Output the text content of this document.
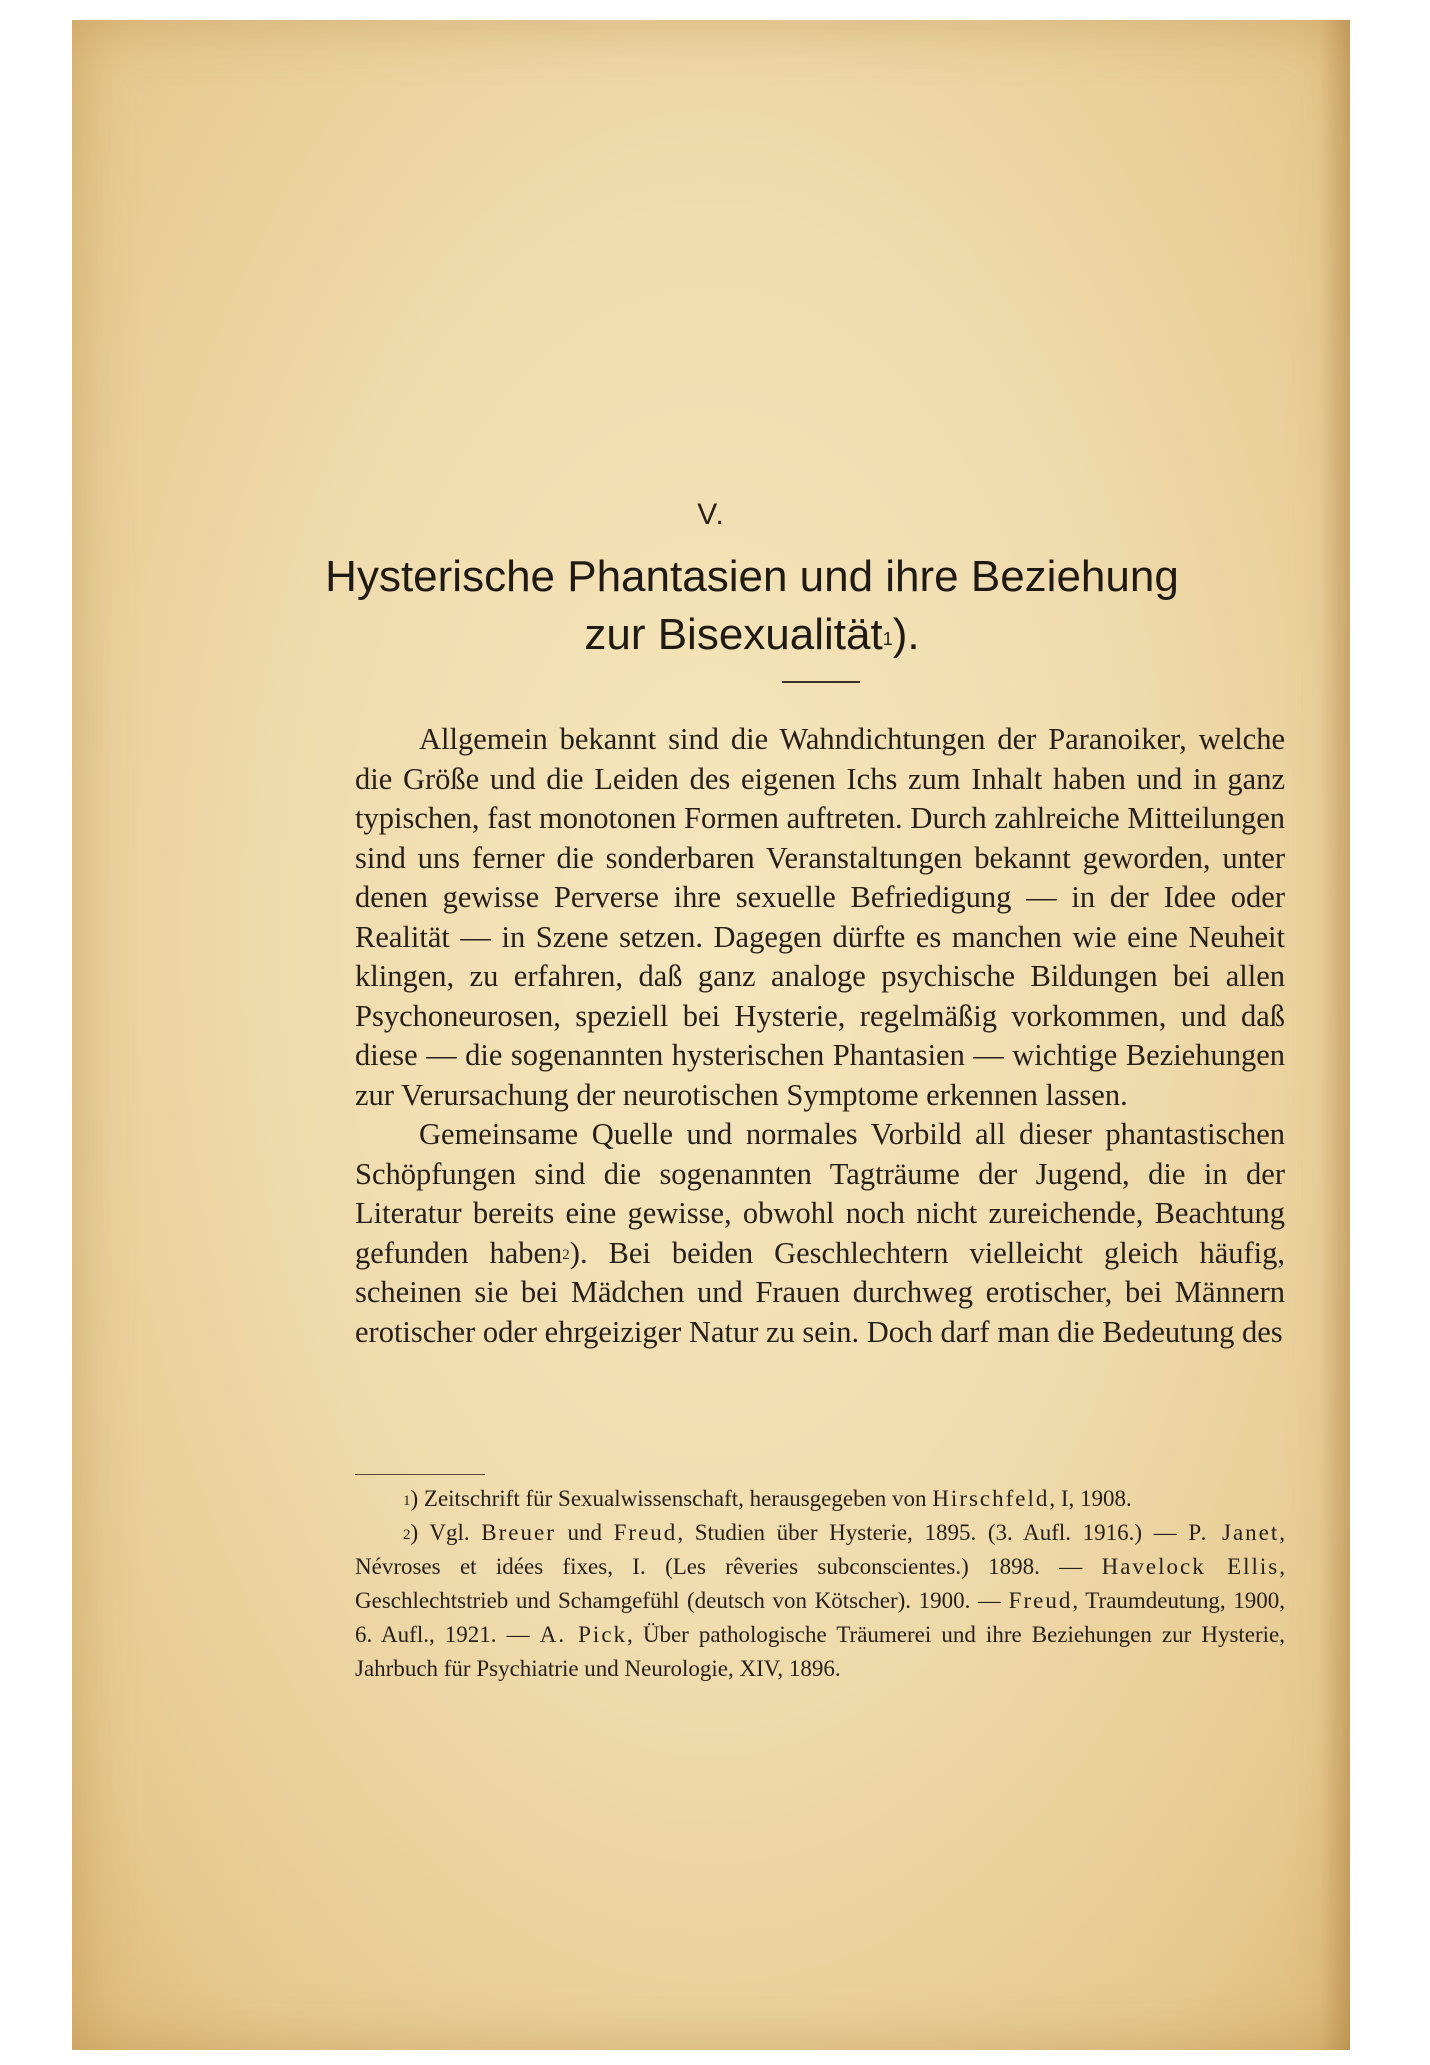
V.
Hysterische Phantasien und ihre Beziehung
zur Bisexualität$^1$).

Allgemein bekannt sind die Wahndichtungen der Paranoiker, welche die Größe und die Leiden des eigenen Ichs zum Inhalt haben und in ganz typischen, fast monotonen Formen auftreten. Durch zahlreiche Mitteilungen sind uns ferner die sonderbaren Veranstaltungen bekannt geworden, unter denen gewisse Perverse ihre sexuelle Befriedigung — in der Idee oder Realität — in Szene setzen. Dagegen dürfte es manchen wie eine Neuheit klingen, zu erfahren, daß ganz analoge psychische Bildungen bei allen Psychoneurosen, speziell bei Hysterie, regelmäßig vorkommen, und daß diese — die sogenannten hysterischen Phantasien — wichtige Beziehungen zur Verursachung der neurotischen Symptome erkennen lassen.

Gemeinsame Quelle und normales Vorbild all dieser phantastischen Schöpfungen sind die sogenannten Tagträume der Jugend, die in der Literatur bereits eine gewisse, obwohl noch nicht zureichende, Beachtung gefunden haben$^2$). Bei beiden Geschlechtern vielleicht gleich häufig, scheinen sie bei Mädchen und Frauen durchweg erotischer, bei Männern erotischer oder ehrgeiziger Natur zu sein. Doch darf man die Bedeutung des

$^1$) Zeitschrift für Sexualwissenschaft, herausgegeben von Hirschfeld, I, 1908.

$^2$) Vgl. Breuer und Freud, Studien über Hysterie, 1895. (3. Aufl. 1916.) — P. Janet, Névroses et idées fixes, I. (Les rêveries subconscientes.) 1898. — Havelock Ellis, Geschlechtstrieb und Schamgefühl (deutsch von Kötscher). 1900. — Freud, Traumdeutung, 1900, 6. Aufl., 1921. — A. Pick, Über pathologische Träumerei und ihre Beziehungen zur Hysterie, Jahrbuch für Psychiatrie und Neurologie, XIV, 1896.
